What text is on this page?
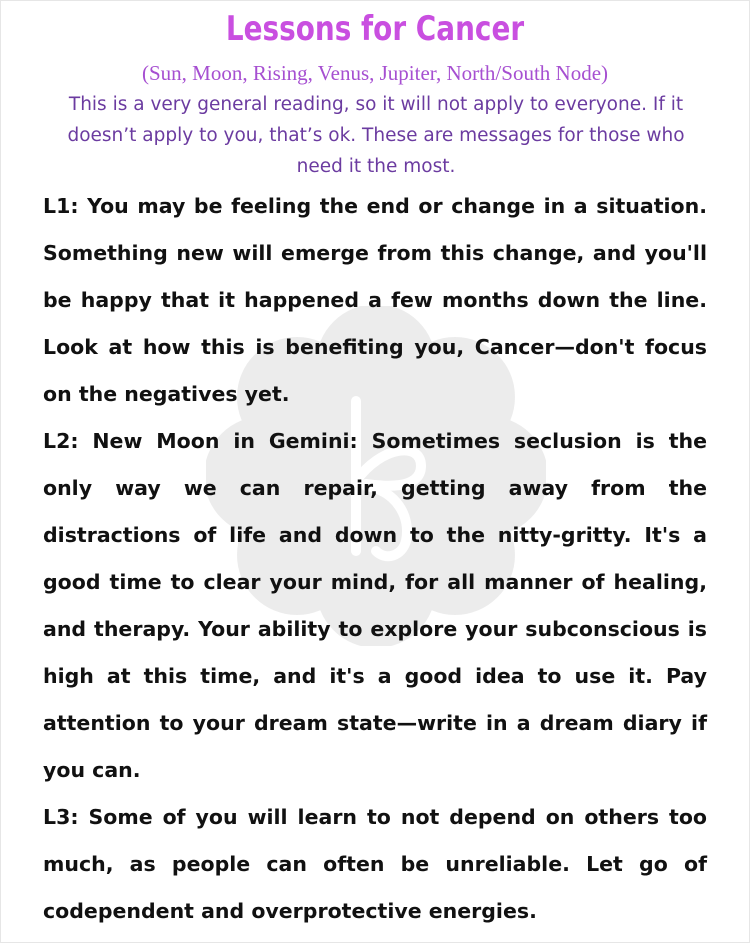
Lessons for Cancer
(Sun, Moon, Rising, Venus, Jupiter, North/South Node)
This is a very general reading, so it will not apply to everyone. If it doesn’t apply to you, that’s ok. These are messages for those who need it the most.

L1: You may be feeling the end or change in a situation. Something new will emerge from this change, and you'll be happy that it happened a few months down the line. Look at how this is benefiting you, Cancer—don't focus on the negatives yet.

L2: New Moon in Gemini: Sometimes seclusion is the only way we can repair, getting away from the distractions of life and down to the nitty-gritty. It's a good time to clear your mind, for all manner of healing, and therapy. Your ability to explore your subconscious is high at this time, and it's a good idea to use it. Pay attention to your dream state—write in a dream diary if you can.

L3: Some of you will learn to not depend on others too much, as people can often be unreliable. Let go of codependent and overprotective energies.
